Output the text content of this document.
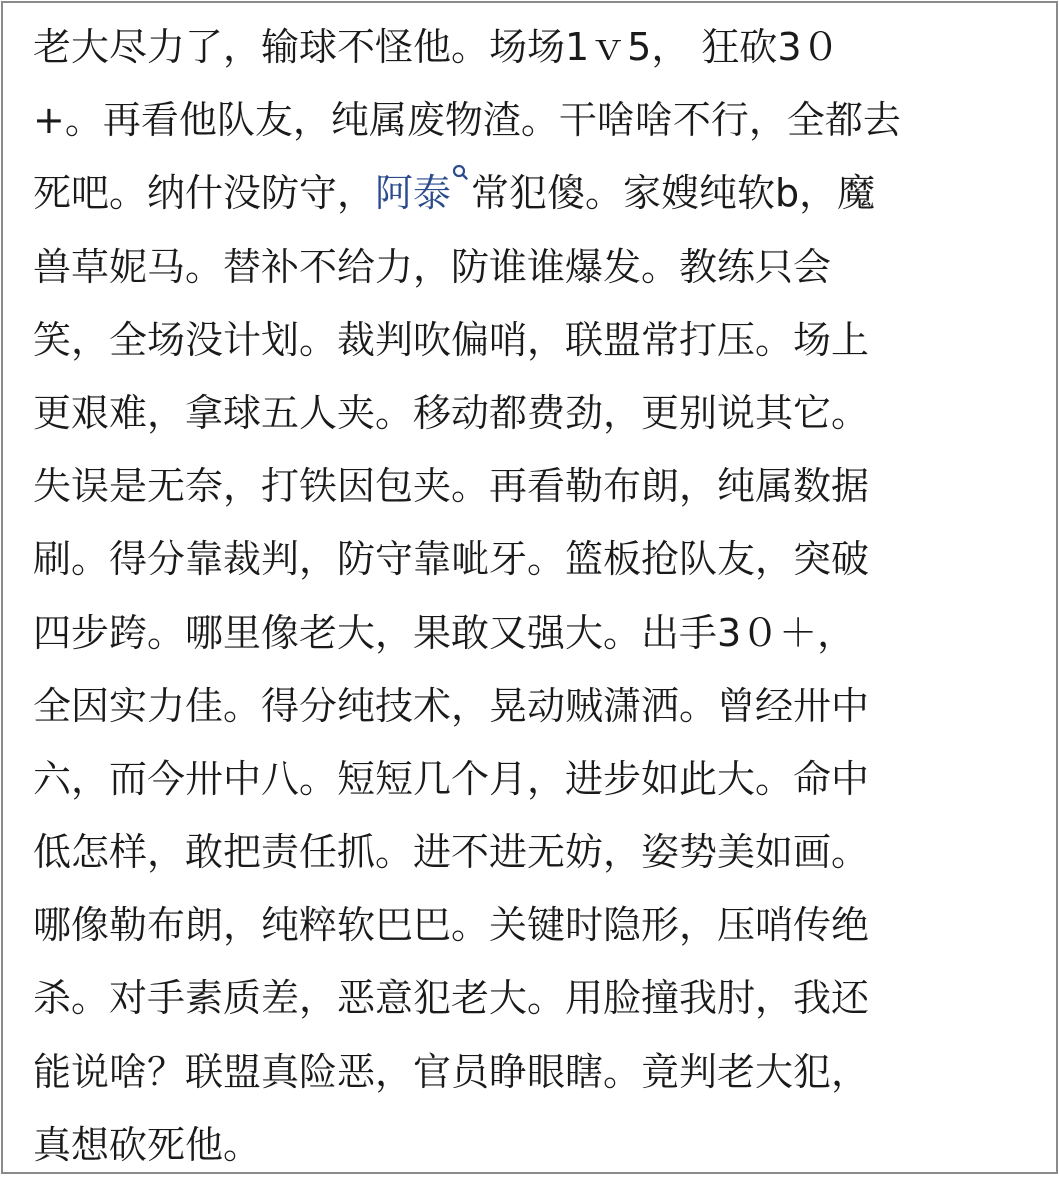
老大尽力了，输球不怪他。场场1ｖ5， 狂砍3０
+。再看他队友，纯属废物渣。干啥啥不行，全都去
死吧。纳什没防守，阿泰 常犯傻。家嫂纯软b，魔
兽草妮马。替补不给力，防谁谁爆发。教练只会
笑，全场没计划。裁判吹偏哨，联盟常打压。场上
更艰难，拿球五人夹。移动都费劲，更别说其它。
失误是无奈，打铁因包夹。再看勒布朗，纯属数据
刷。得分靠裁判，防守靠呲牙。篮板抢队友，突破
四步跨。哪里像老大，果敢又强大。出手3０＋，
全因实力佳。得分纯技术，晃动贼潇洒。曾经卅中
六，而今卅中八。短短几个月，进步如此大。命中
低怎样，敢把责任抓。进不进无妨，姿势美如画。
哪像勒布朗，纯粹软巴巴。关键时隐形，压哨传绝
杀。对手素质差，恶意犯老大。用脸撞我肘，我还
能说啥？联盟真险恶，官员睁眼瞎。竟判老大犯，
真想砍死他。
